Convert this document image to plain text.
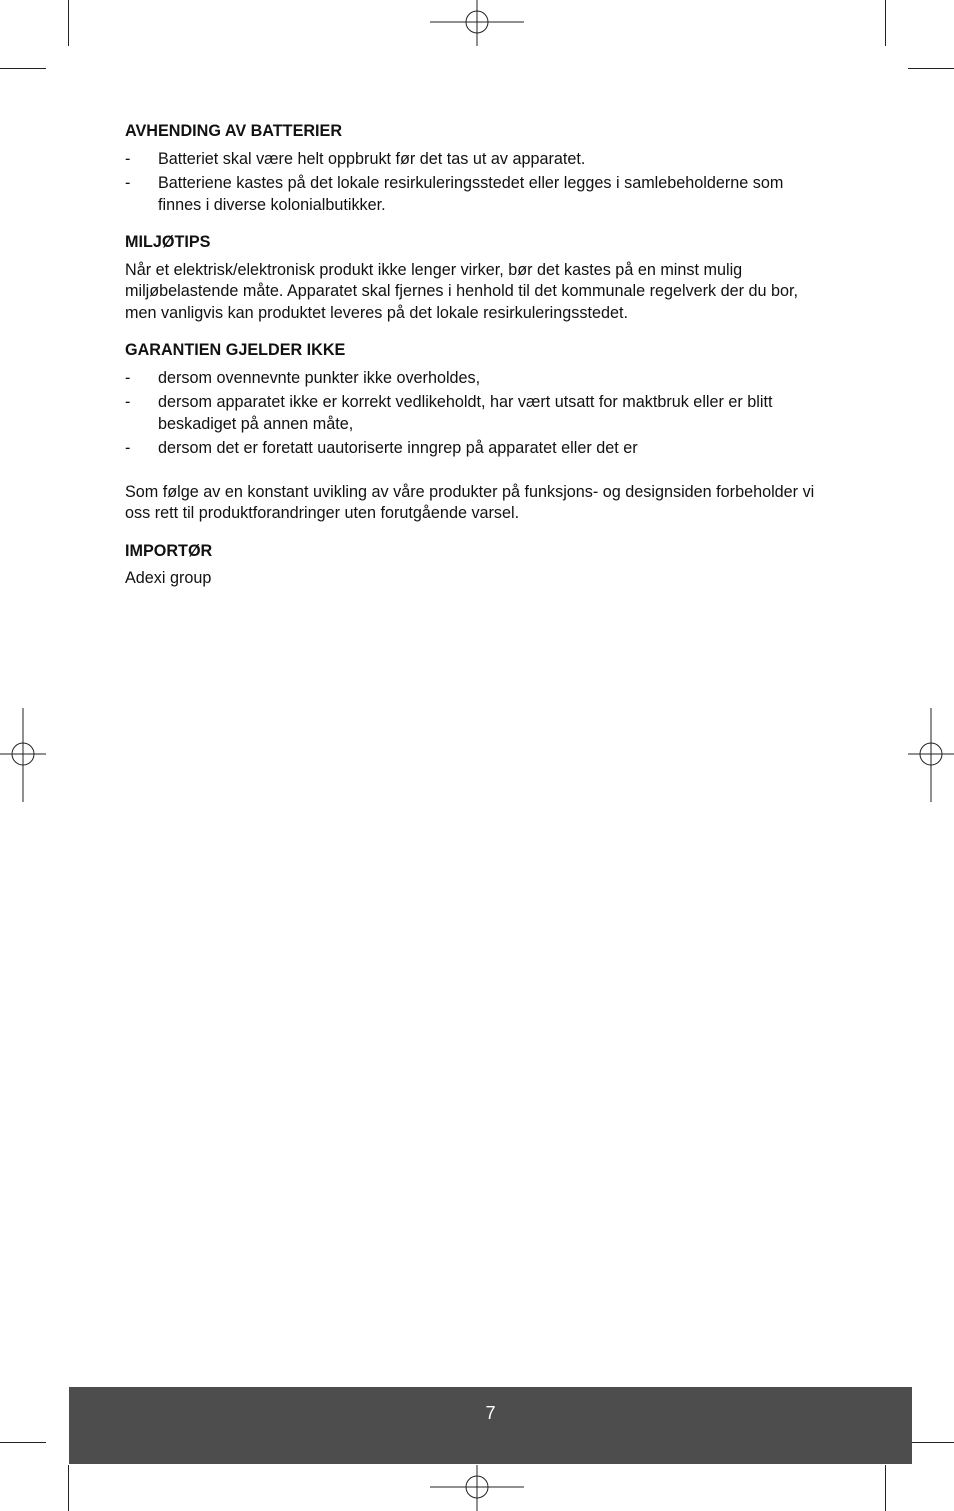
AVHENDING AV BATTERIER

- Batteriet skal være helt oppbrukt før det tas ut av apparatet.
- Batteriene kastes på det lokale resirkuleringsstedet eller legges i samlebeholderne som finnes i diverse kolonialbutikker.

MILJØTIPS

Når et elektrisk/elektronisk produkt ikke lenger virker, bør det kastes på en minst mulig miljøbelastende måte. Apparatet skal fjernes i henhold til det kommunale regelverk der du bor, men vanligvis kan produktet leveres på det lokale resirkuleringsstedet.

GARANTIEN GJELDER IKKE

- dersom ovennevnte punkter ikke overholdes,
- dersom apparatet ikke er korrekt vedlikeholdt, har vært utsatt for maktbruk eller er blitt beskadiget på annen måte,
- dersom det er foretatt uautoriserte inngrep på apparatet eller det er

Som følge av en konstant uvikling av våre produkter på funksjons- og designsiden forbeholder vi oss rett til produktforandringer uten forutgående varsel.

IMPORTØR

Adexi group

7
